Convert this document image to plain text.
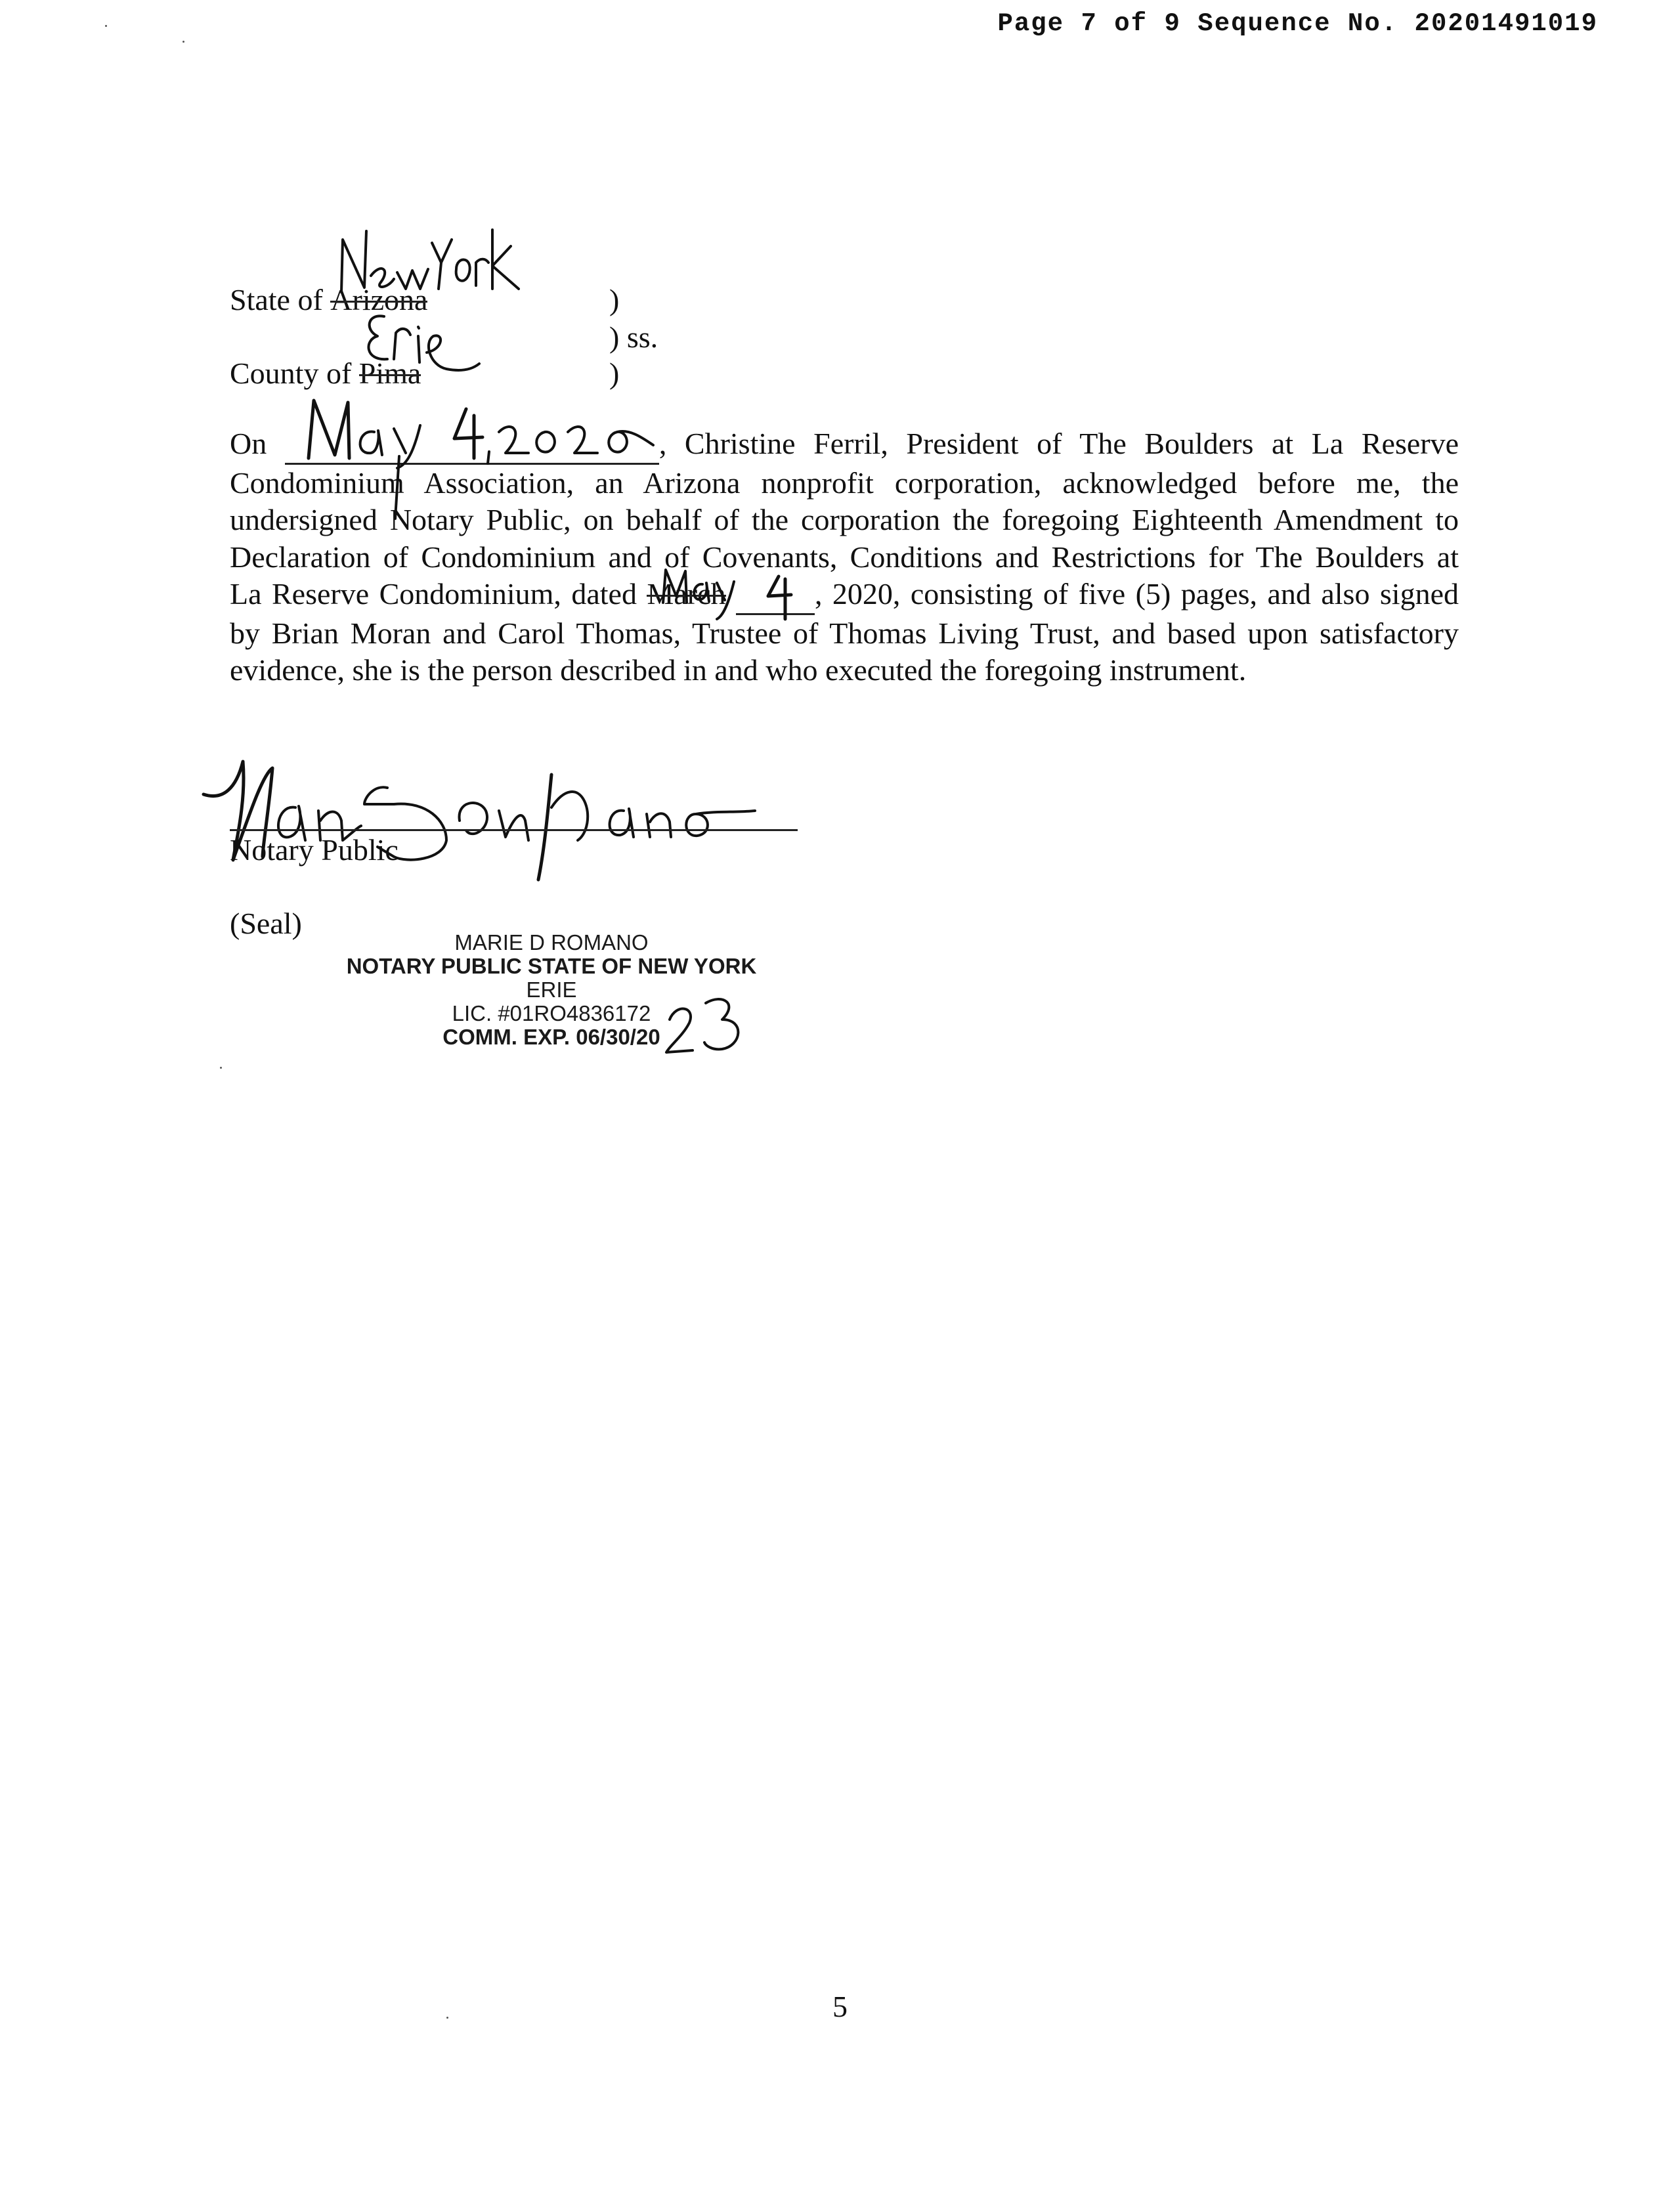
Page 7 of 9 Sequence No. 20201491019
State of Arizona	)
) ss.
County of Pima	)
On	, Christine Ferril, President of The Boulders at La Reserve
Condominium Association, an Arizona nonprofit corporation, acknowledged before me, the
undersigned Notary Public, on behalf of the corporation the foregoing Eighteenth Amendment to
Declaration of Condominium and of Covenants, Conditions and Restrictions for The Boulders at
La Reserve Condominium, dated March	, 2020, consisting of five (5) pages, and also signed
by Brian Moran and Carol Thomas, Trustee of Thomas Living Trust, and based upon satisfactory
evidence, she is the person described in and who executed the foregoing instrument.
Notary Public
(Seal)
MARIE D ROMANO
NOTARY PUBLIC STATE OF NEW YORK
ERIE
LIC. #01RO4836172
COMM. EXP. 06/30/20
5
